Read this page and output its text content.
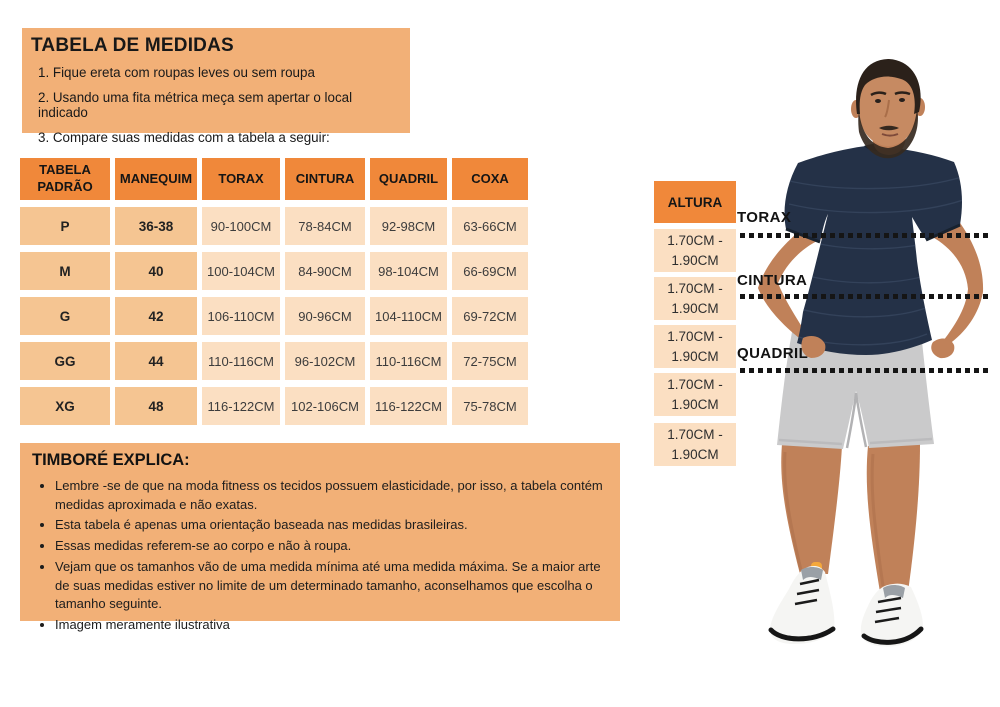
TABELA DE MEDIDAS
1. Fique ereta com roupas leves ou sem roupa
2. Usando uma fita métrica meça sem apertar o local indicado
3. Compare suas medidas com a tabela a seguir:
TABELA PADRÃO	MANEQUIM	TORAX	CINTURA	QUADRIL	COXA
P	36-38	90-100CM	78-84CM	92-98CM	63-66CM
M	40	100-104CM	84-90CM	98-104CM	66-69CM
G	42	106-110CM	90-96CM	104-110CM	69-72CM
GG	44	110-116CM	96-102CM	110-116CM	72-75CM
XG	48	116-122CM	102-106CM	116-122CM	75-78CM
TIMBORÉ EXPLICA:
• Lembre -se de que na moda fitness os tecidos possuem elasticidade, por isso, a tabela contém medidas aproximada e não exatas.
• Esta tabela é apenas uma orientação baseada nas medidas brasileiras.
• Essas medidas referem-se ao corpo e não à roupa.
• Vejam que os tamanhos vão de uma medida mínima até uma medida máxima. Se a maior arte de suas medidas estiver no limite de um determinado tamanho, aconselhamos que escolha o tamanho seguinte.
• Imagem meramente ilustrativa
ALTURA
1.70CM - 1.90CM
1.70CM - 1.90CM
1.70CM - 1.90CM
1.70CM - 1.90CM
1.70CM - 1.90CM
TORAX
CINTURA
QUADRIL
